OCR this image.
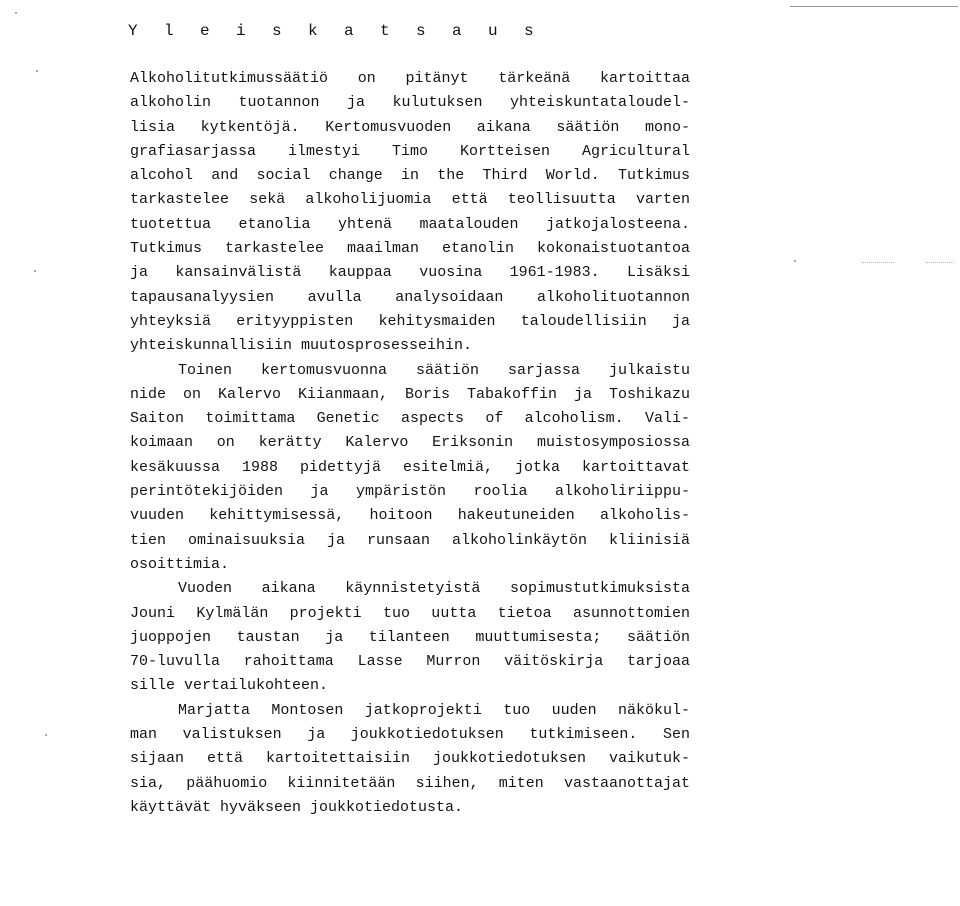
Y l e i s k a t s a u s
Alkoholitutkimussäätiö on pitänyt tärkeänä kartoittaa
alkoholin tuotannon ja kulutuksen yhteiskuntataloudel-
lisia kytkentöjä. Kertomusvuoden aikana säätiön mono-
grafiasarjassa ilmestyi Timo Kortteisen Agricultural
alcohol and social change in the Third World. Tutkimus
tarkastelee sekä alkoholijuomia että teollisuutta varten
tuotettua etanolia yhtenä maatalouden jatkojalosteena.
Tutkimus tarkastelee maailman etanolin kokonaistuotantoa
ja kansainvälistä kauppaa vuosina 1961-1983. Lisäksi
tapausanalyysien avulla analysoidaan alkoholituotannon
yhteyksiä erityyppisten kehitysmaiden taloudellisiin ja
yhteiskunnallisiin muutosprosesseihin.
Toinen kertomusvuonna säätiön sarjassa julkaistu
nide on Kalervo Kiianmaan, Boris Tabakoffin ja Toshikazu
Saiton toimittama Genetic aspects of alcoholism. Vali-
koimaan on kerätty Kalervo Eriksonin muistosymposiossa
kesäkuussa 1988 pidettyjä esitelmiä, jotka kartoittavat
perintötekijöiden ja ympäristön roolia alkoholiriippu-
vuuden kehittymisessä, hoitoon hakeutuneiden alkoholis-
tien ominaisuuksia ja runsaan alkoholinkäytön kliinisiä
osoittimia.
Vuoden aikana käynnistetyistä sopimustutkimuksista
Jouni Kylmälän projekti tuo uutta tietoa asunnottomien
juoppojen taustan ja tilanteen muuttumisesta; säätiön
70-luvulla rahoittama Lasse Murron väitöskirja tarjoaa
sille vertailukohteen.
Marjatta Montosen jatkoprojekti tuo uuden näkökul-
man valistuksen ja joukkotiedotuksen tutkimiseen. Sen
sijaan että kartoitettaisiin joukkotiedotuksen vaikutuk-
sia, päähuomio kiinnitetään siihen, miten vastaanottajat
käyttävät hyväkseen joukkotiedotusta.
